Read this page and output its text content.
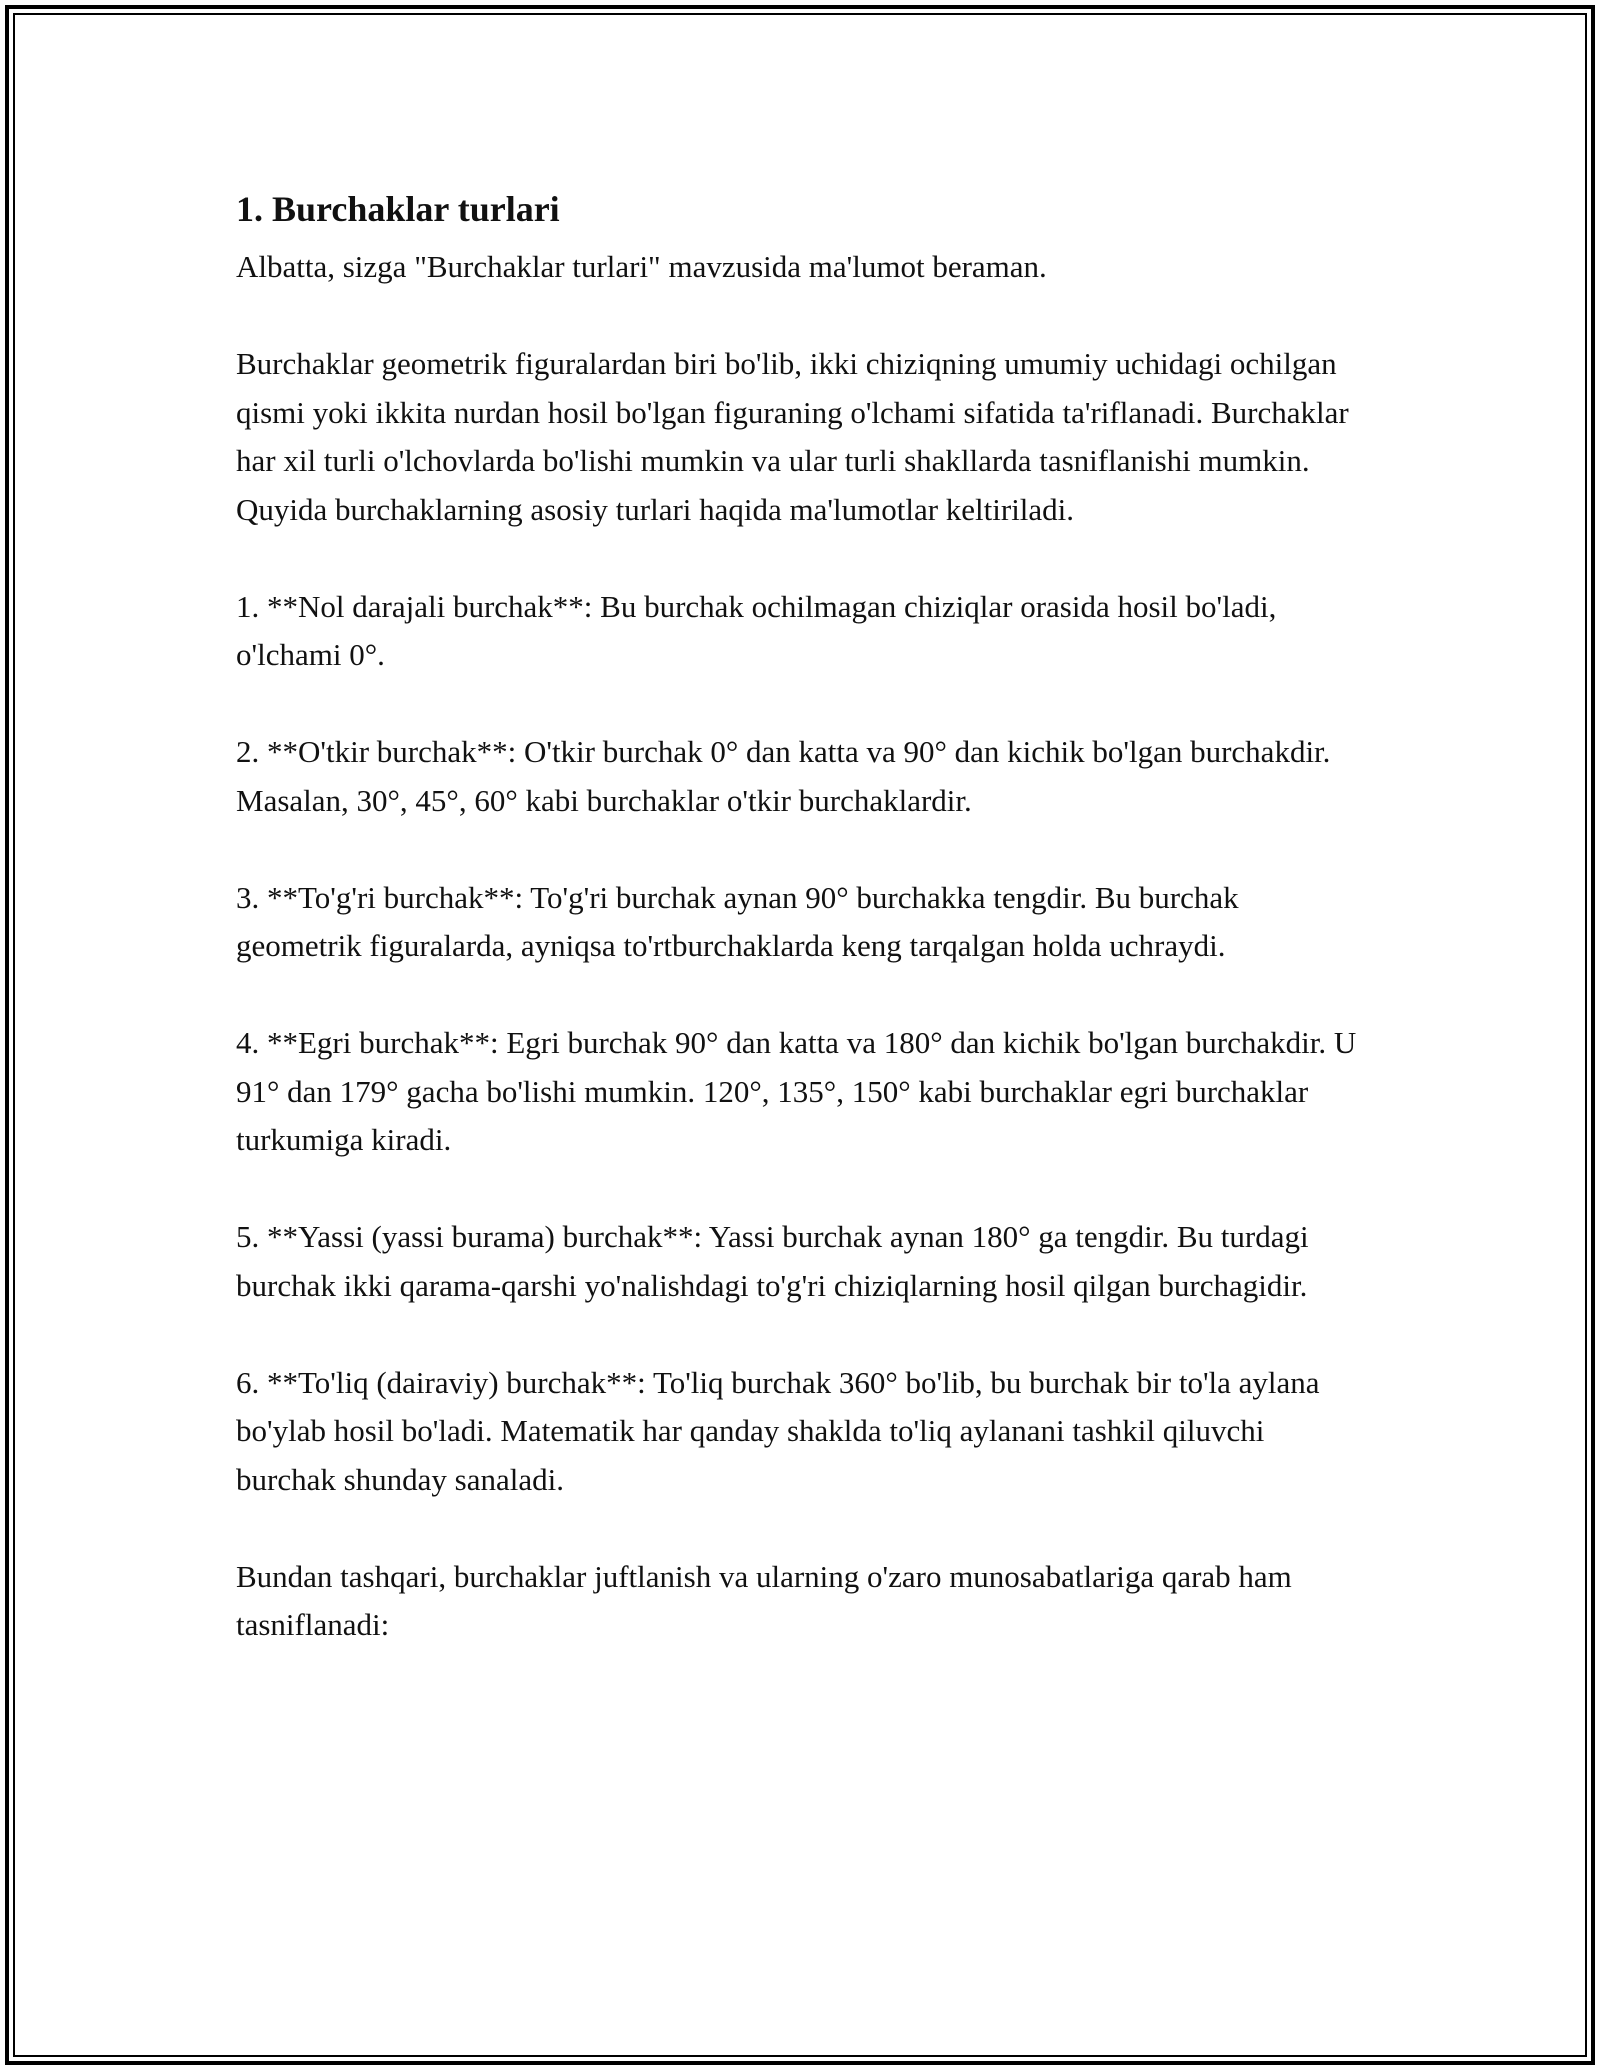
1. Burchaklar turlari

Albatta, sizga "Burchaklar turlari" mavzusida ma'lumot beraman.

Burchaklar geometrik figuralardan biri bo'lib, ikki chiziqning umumiy uchidagi ochilgan qismi yoki ikkita nurdan hosil bo'lgan figuraning o'lchami sifatida ta'riflanadi. Burchaklar har xil turli o'lchovlarda bo'lishi mumkin va ular turli shakllarda tasniflanishi mumkin. Quyida burchaklarning asosiy turlari haqida ma'lumotlar keltiriladi.

1. **Nol darajali burchak**: Bu burchak ochilmagan chiziqlar orasida hosil bo'ladi, o'lchami 0°.

2. **O'tkir burchak**: O'tkir burchak 0° dan katta va 90° dan kichik bo'lgan burchakdir. Masalan, 30°, 45°, 60° kabi burchaklar o'tkir burchaklardir.

3. **To'g'ri burchak**: To'g'ri burchak aynan 90° burchakka tengdir. Bu burchak geometrik figuralarda, ayniqsa to'rtburchaklarda keng tarqalgan holda uchraydi.

4. **Egri burchak**: Egri burchak 90° dan katta va 180° dan kichik bo'lgan burchakdir. U 91° dan 179° gacha bo'lishi mumkin. 120°, 135°, 150° kabi burchaklar egri burchaklar turkumiga kiradi.

5. **Yassi (yassi burama) burchak**: Yassi burchak aynan 180° ga tengdir. Bu turdagi burchak ikki qarama-qarshi yo'nalishdagi to'g'ri chiziqlarning hosil qilgan burchagidir.

6. **To'liq (dairaviy) burchak**: To'liq burchak 360° bo'lib, bu burchak bir to'la aylana bo'ylab hosil bo'ladi. Matematik har qanday shaklda to'liq aylanani tashkil qiluvchi burchak shunday sanaladi.

Bundan tashqari, burchaklar juftlanish va ularning o'zaro munosabatlariga qarab ham tasniflanadi:
